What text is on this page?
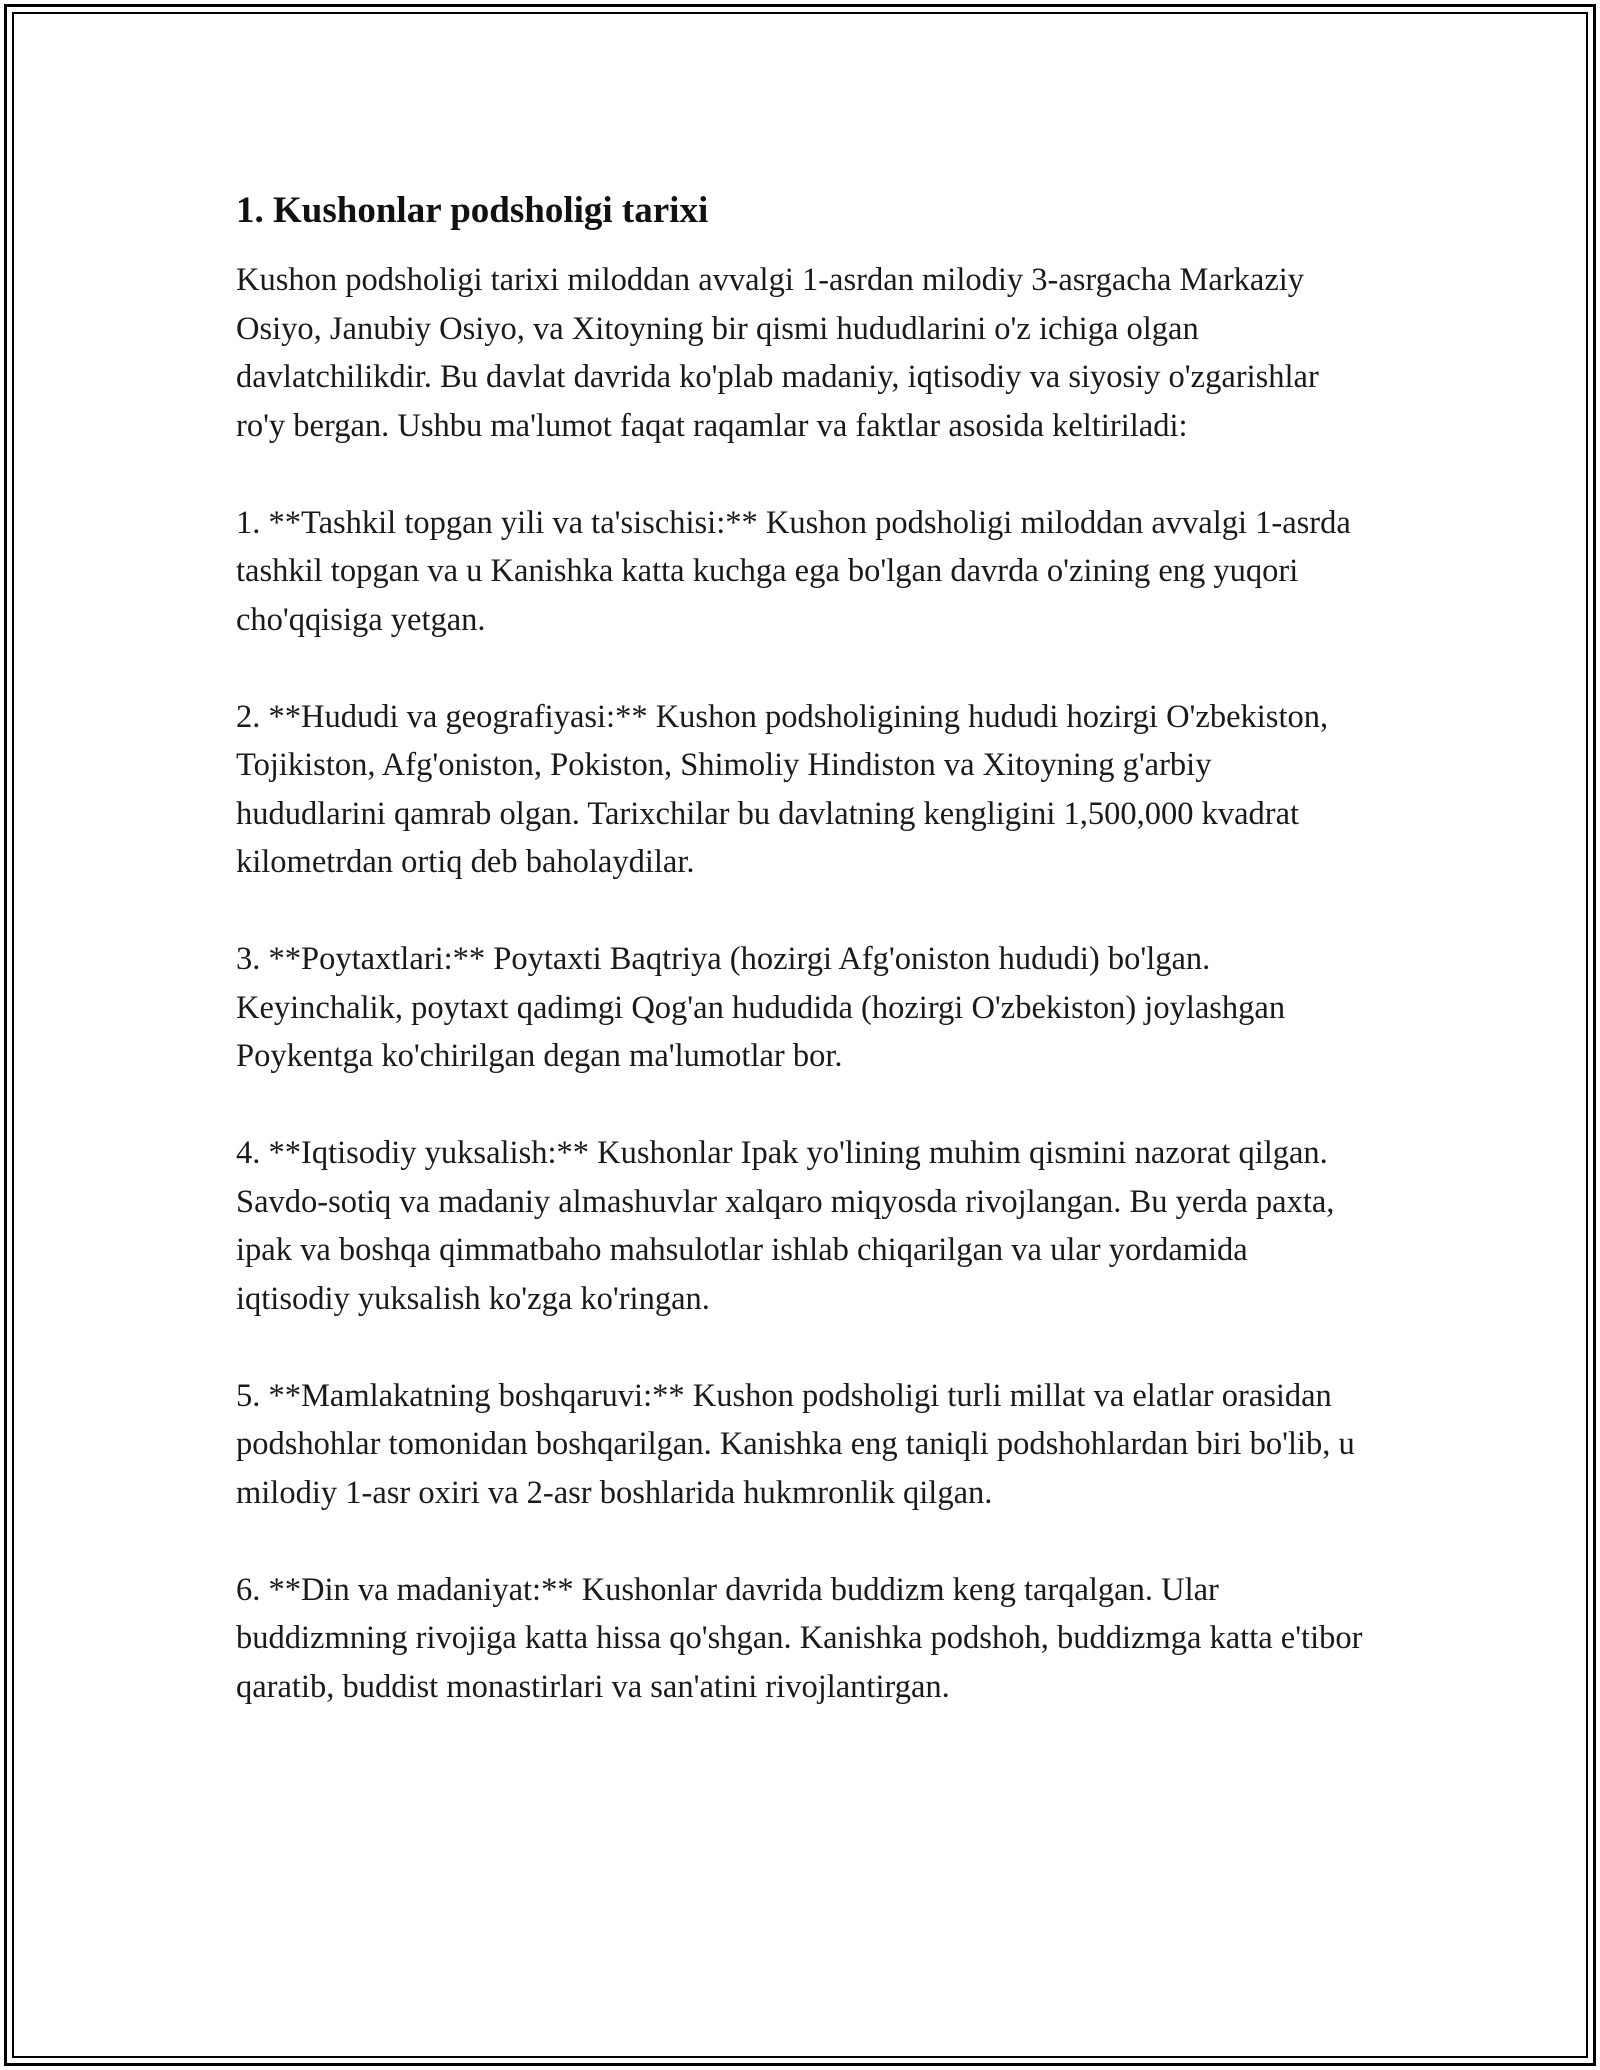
1. Kushonlar podsholigi tarixi

Kushon podsholigi tarixi miloddan avvalgi 1-asrdan milodiy 3-asrgacha Markaziy Osiyo, Janubiy Osiyo, va Xitoyning bir qismi hududlarini o'z ichiga olgan davlatchilikdir. Bu davlat davrida ko'plab madaniy, iqtisodiy va siyosiy o'zgarishlar ro'y bergan. Ushbu ma'lumot faqat raqamlar va faktlar asosida keltiriladi:

1. **Tashkil topgan yili va ta'sischisi:** Kushon podsholigi miloddan avvalgi 1-asrda tashkil topgan va u Kanishka katta kuchga ega bo'lgan davrda o'zining eng yuqori cho'qqisiga yetgan.

2. **Hududi va geografiyasi:** Kushon podsholigining hududi hozirgi O'zbekiston, Tojikiston, Afg'oniston, Pokiston, Shimoliy Hindiston va Xitoyning g'arbiy hududlarini qamrab olgan. Tarixchilar bu davlatning kengligini 1,500,000 kvadrat kilometrdan ortiq deb baholaydilar.

3. **Poytaxtlari:** Poytaxti Baqtriya (hozirgi Afg'oniston hududi) bo'lgan. Keyinchalik, poytaxt qadimgi Qog'an hududida (hozirgi O'zbekiston) joylashgan Poykentga ko'chirilgan degan ma'lumotlar bor.

4. **Iqtisodiy yuksalish:** Kushonlar Ipak yo'lining muhim qismini nazorat qilgan. Savdo-sotiq va madaniy almashuvlar xalqaro miqyosda rivojlangan. Bu yerda paxta, ipak va boshqa qimmatbaho mahsulotlar ishlab chiqarilgan va ular yordamida iqtisodiy yuksalish ko'zga ko'ringan.

5. **Mamlakatning boshqaruvi:** Kushon podsholigi turli millat va elatlar orasidan podshohlar tomonidan boshqarilgan. Kanishka eng taniqli podshohlardan biri bo'lib, u milodiy 1-asr oxiri va 2-asr boshlarida hukmronlik qilgan.

6. **Din va madaniyat:** Kushonlar davrida buddizm keng tarqalgan. Ular buddizmning rivojiga katta hissa qo'shgan. Kanishka podshoh, buddizmga katta e'tibor qaratib, buddist monastirlari va san'atini rivojlantirgan.
